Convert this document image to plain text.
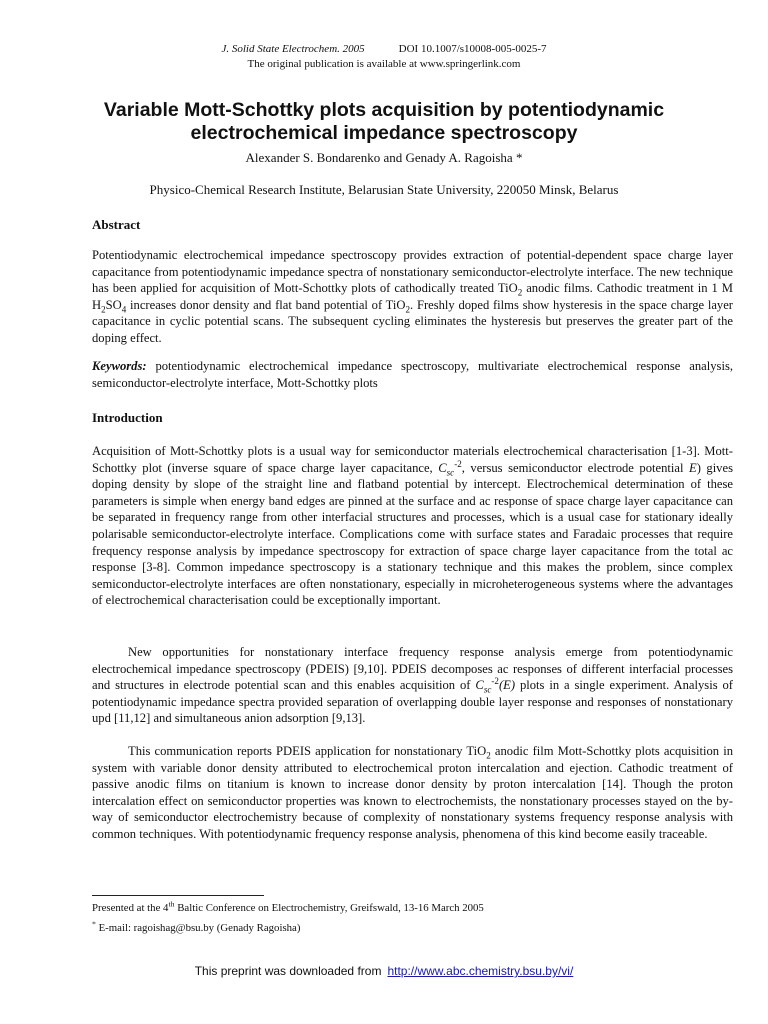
J. Solid State Electrochem. 2005	DOI 10.1007/s10008-005-0025-7
The original publication is available at www.springerlink.com
Variable Mott-Schottky plots acquisition by potentiodynamic
electrochemical impedance spectroscopy
Alexander S. Bondarenko and Genady A. Ragoisha *
Physico-Chemical Research Institute, Belarusian State University, 220050 Minsk, Belarus
Abstract

Potentiodynamic electrochemical impedance spectroscopy provides extraction of potential-dependent space charge layer capacitance from potentiodynamic impedance spectra of nonstationary semiconductor-electrolyte interface. The new technique has been applied for acquisition of Mott-Schottky plots of cathodically treated TiO$_2$ anodic films. Cathodic treatment in 1 M $H_2SO_4$ increases donor density and flat band potential of TiO$_2$. Freshly doped films show hysteresis in the space charge layer capacitance in cyclic potential scans. The subsequent cycling eliminates the hysteresis but preserves the greater part of the doping effect.

Keywords: potentiodynamic electrochemical impedance spectroscopy, multivariate electrochemical response analysis, semiconductor-electrolyte interface, Mott-Schottky plots

Introduction

Acquisition of Mott-Schottky plots is a usual way for semiconductor materials electrochemical characterisation [1-3]. Mott-Schottky plot (inverse square of space charge layer capacitance, $C_{sc}^{-2}$, versus semiconductor electrode potential E) gives doping density by slope of the straight line and flatband potential by intercept. Electrochemical determination of these parameters is simple when energy band edges are pinned at the surface and ac response of space charge layer capacitance can be separated in frequency range from other interfacial structures and processes, which is a usual case for stationary ideally polarisable semiconductor-electrolyte interface. Complications come with surface states and Faradaic processes that require frequency response analysis by impedance spectroscopy for extraction of space charge layer capacitance from the total ac response [3-8]. Common impedance spectroscopy is a stationary technique and this makes the problem, since complex semiconductor-electrolyte interfaces are often nonstationary, especially in microheterogeneous systems where the advantages of electrochemical characterisation could be exceptionally important.

New opportunities for nonstationary interface frequency response analysis emerge from potentiodynamic electrochemical impedance spectroscopy (PDEIS) [9,10]. PDEIS decomposes ac responses of different interfacial processes and structures in electrode potential scan and this enables acquisition of $C_{sc}^{-2}(E)$ plots in a single experiment. Analysis of potentiodynamic impedance spectra provided separation of overlapping double layer response and responses of nonstationary upd [11,12] and simultaneous anion adsorption [9,13].

This communication reports PDEIS application for nonstationary TiO$_2$ anodic film Mott-Schottky plots acquisition in system with variable donor density attributed to electrochemical proton intercalation and ejection. Cathodic treatment of passive anodic films on titanium is known to increase donor density by proton intercalation [14]. Though the proton intercalation effect on semiconductor properties was known to electrochemists, the nonstationary processes stayed on the by-way of semiconductor electrochemistry because of complexity of nonstationary systems frequency response analysis with common techniques. With potentiodynamic frequency response analysis, phenomena of this kind become easily traceable.

Presented at the 4th Baltic Conference on Electrochemistry, Greifswald, 13-16 March 2005
* E-mail: ragoishag@bsu.by (Genady Ragoisha)
This preprint was downloaded from http://www.abc.chemistry.bsu.by/vi/
